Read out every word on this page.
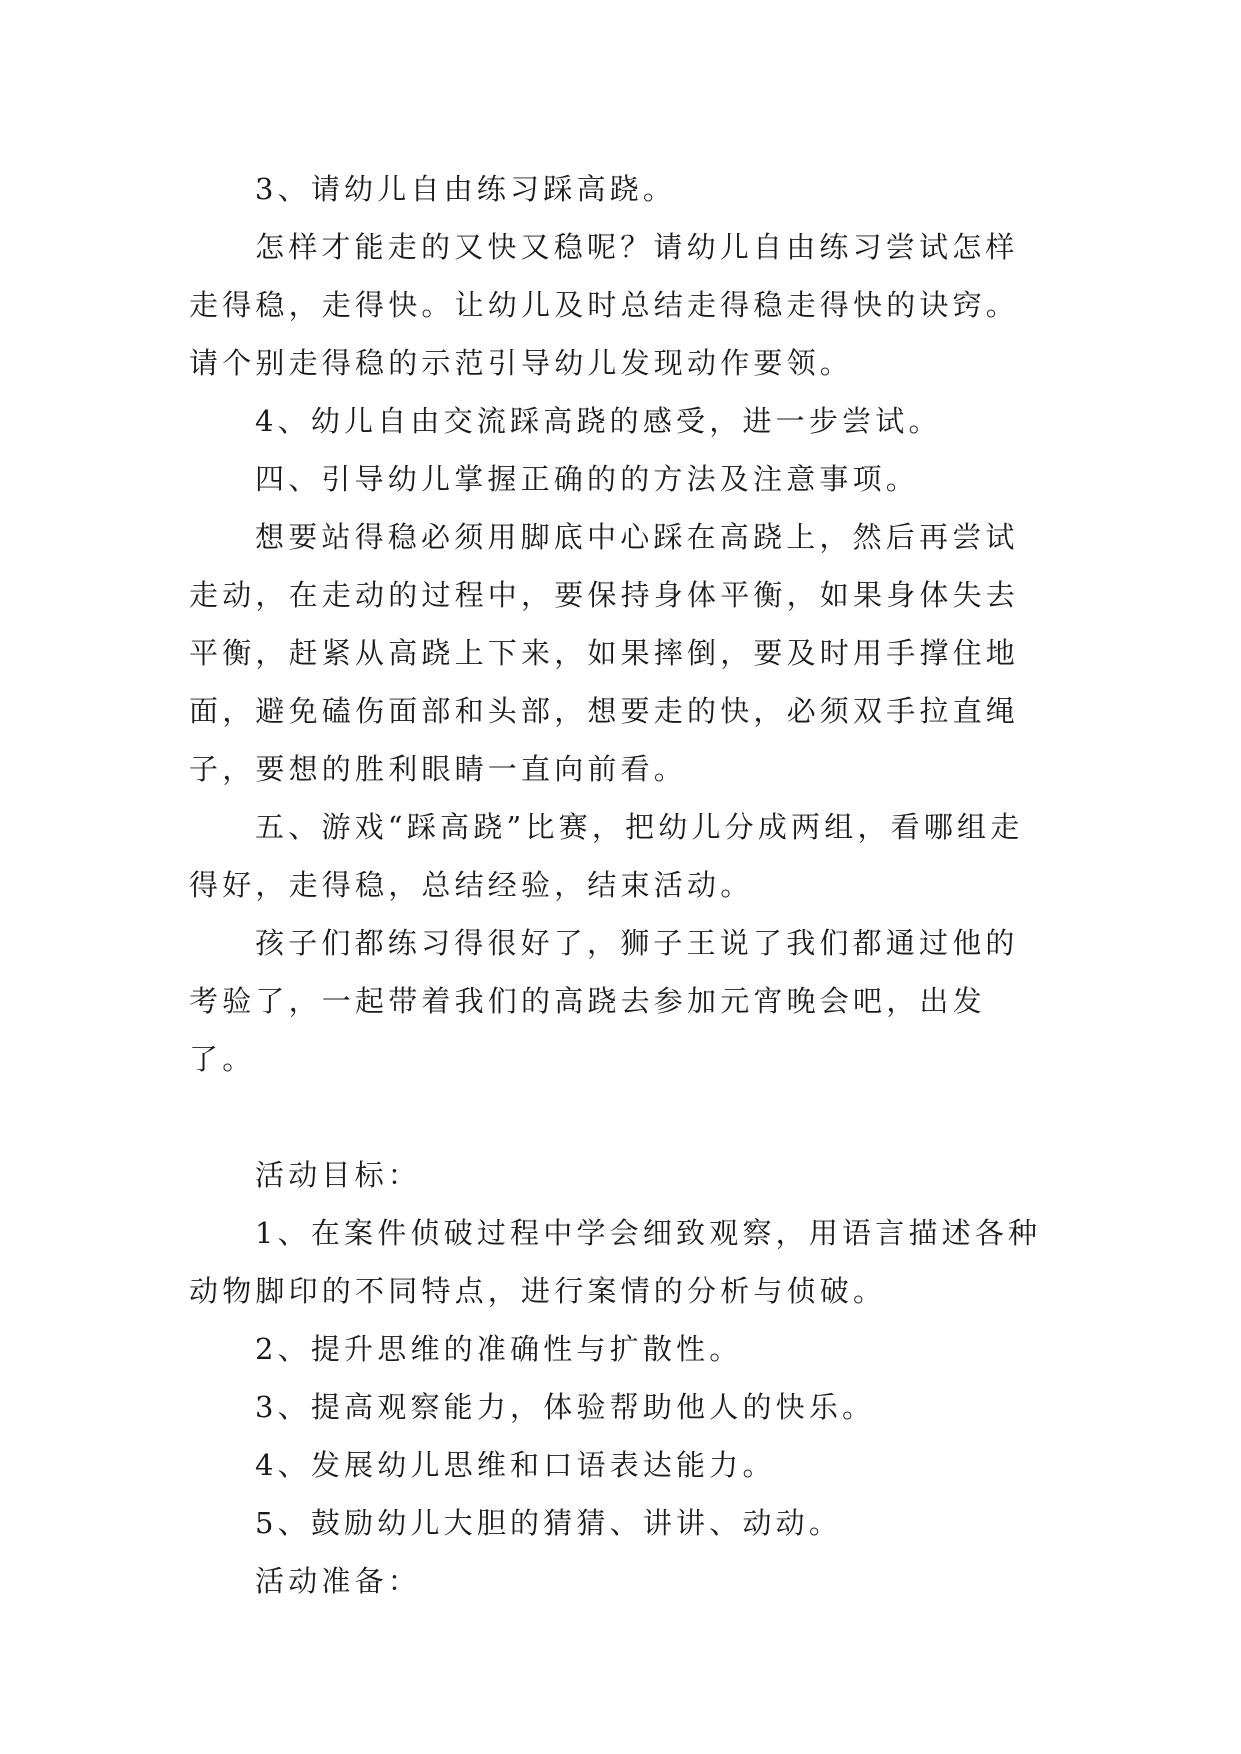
3、请幼儿自由练习踩高跷。

怎样才能走的又快又稳呢？请幼儿自由练习尝试怎样走得稳，走得快。让幼儿及时总结走得稳走得快的诀窍。请个别走得稳的示范引导幼儿发现动作要领。

4、幼儿自由交流踩高跷的感受，进一步尝试。

四、引导幼儿掌握正确的的方法及注意事项。

想要站得稳必须用脚底中心踩在高跷上，然后再尝试走动，在走动的过程中，要保持身体平衡，如果身体失去平衡，赶紧从高跷上下来，如果摔倒，要及时用手撑住地面，避免磕伤面部和头部，想要走的快，必须双手拉直绳子，要想的胜利眼睛一直向前看。

五、游戏“踩高跷”比赛，把幼儿分成两组，看哪组走得好，走得稳，总结经验，结束活动。

孩子们都练习得很好了，狮子王说了我们都通过他的考验了，一起带着我们的高跷去参加元宵晚会吧，出发了。

活动目标：

1、在案件侦破过程中学会细致观察，用语言描述各种动物脚印的不同特点，进行案情的分析与侦破。

2、提升思维的准确性与扩散性。

3、提高观察能力，体验帮助他人的快乐。

4、发展幼儿思维和口语表达能力。

5、鼓励幼儿大胆的猜猜、讲讲、动动。

活动准备：
